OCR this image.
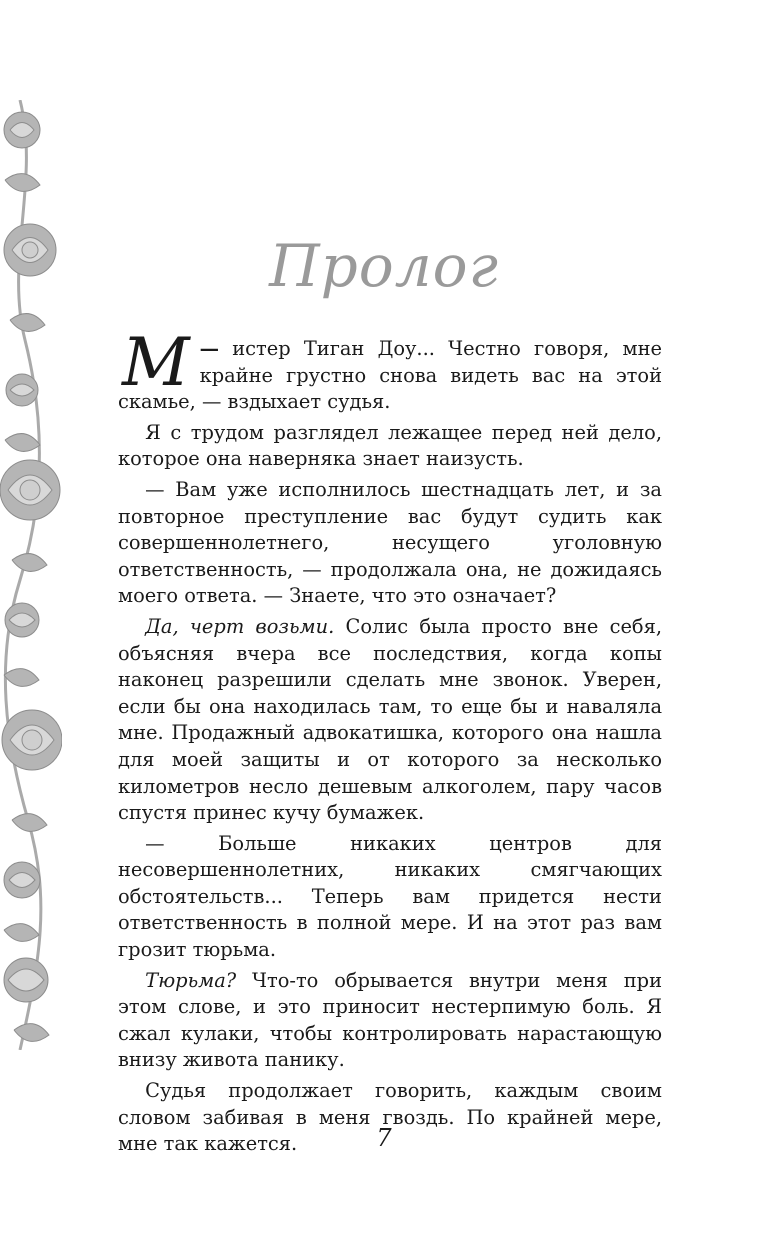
Пролог

—
М	истер Тиган Доу... Честно говоря, мне крайне грустно снова видеть вас на этой скамье, — вздыхает судья.

Я с трудом разглядел лежащее перед ней дело, которое она наверняка знает наизусть.

— Вам уже исполнилось шестнадцать лет, и за повторное преступление вас будут судить как совершеннолетнего, несущего уголовную ответственность, — продолжала она, не дожидаясь моего ответа. — Знаете, что это означает?

Да, черт возьми. Солис была просто вне себя, объясняя вчера все последствия, когда копы наконец разрешили сделать мне звонок. Уверен, если бы она находилась там, то еще бы и наваляла мне. Продажный адвокатишка, которого она нашла для моей защиты и от которого за несколько километров несло дешевым алкоголем, пару часов спустя принес кучу бумажек.

— Больше никаких центров для несовершеннолетних, никаких смягчающих обстоятельств... Теперь вам придется нести ответственность в полной мере. И на этот раз вам грозит тюрьма.

Тюрьма? Что-то обрывается внутри меня при этом слове, и это приносит нестерпимую боль. Я сжал кулаки, чтобы контролировать нарастающую внизу живота панику.

Судья продолжает говорить, каждым своим словом забивая в меня гвоздь. По крайней мере, мне так кажется.	7
